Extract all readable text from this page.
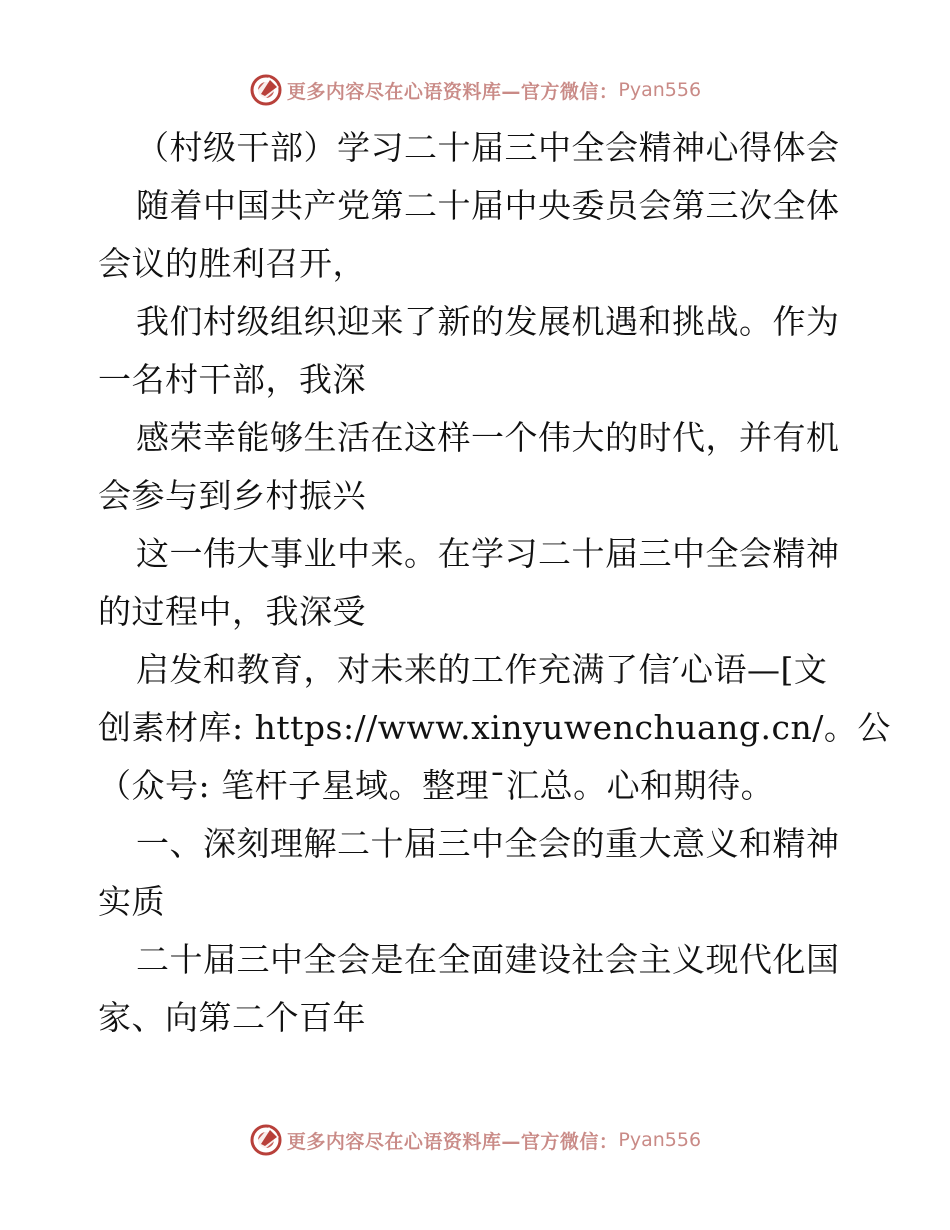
更多内容尽在心语资料库—官方微信： Pyan556
（村级干部）学习二十届三中全会精神心得体会
随着中国共产党第二十届中央委员会第三次全体
会议的胜利召开，
我们村级组织迎来了新的发展机遇和挑战。作为
一名村干部，我深
感荣幸能够生活在这样一个伟大的时代，并有机
会参与到乡村振兴
这一伟大事业中来。在学习二十届三中全会精神
的过程中，我深受
启发和教育，对未来的工作充满了信′心语—[文
创素材库: https://www.xinyuwenchuang.cn/。公
（众号: 笔杆子星域。整理¯汇总。心和期待。
一、深刻理解二十届三中全会的重大意义和精神
实质
二十届三中全会是在全面建设社会主义现代化国
家、向第二个百年
更多内容尽在心语资料库—官方微信： Pyan556
